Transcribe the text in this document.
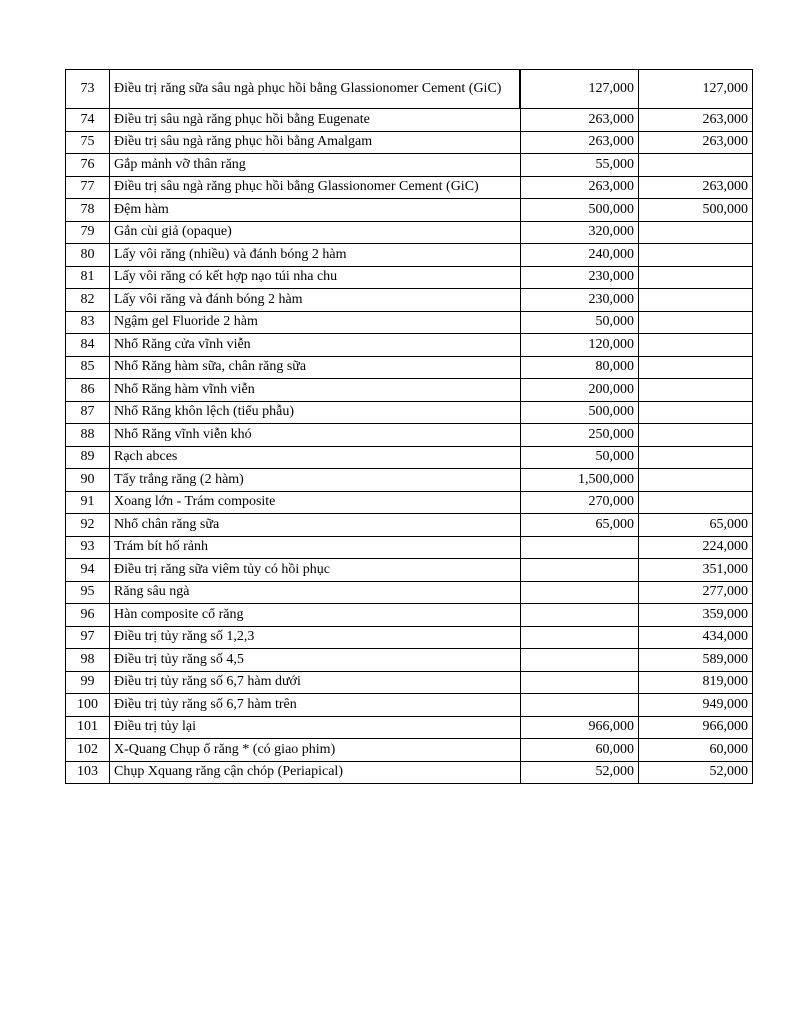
73	Điều trị răng sữa sâu ngà phục hồi bằng Glassionomer Cement (GiC)	127,000	127,000
74	Điều trị sâu ngà răng phục hồi bằng Eugenate	263,000	263,000
75	Điều trị sâu ngà răng phục hồi bằng Amalgam	263,000	263,000
76	Gắp mảnh vỡ thân răng	55,000	
77	Điều trị sâu ngà răng phục hồi bằng Glassionomer Cement (GiC)	263,000	263,000
78	Đệm hàm	500,000	500,000
79	Gắn cùi giả (opaque)	320,000	
80	Lấy vôi răng (nhiều) và đánh bóng 2 hàm	240,000	
81	Lấy vôi răng có kết hợp nạo túi nha chu	230,000	
82	Lấy vôi răng và đánh bóng 2 hàm	230,000	
83	Ngậm gel Fluoride 2 hàm	50,000	
84	Nhổ Răng cửa vĩnh viễn	120,000	
85	Nhổ Răng hàm sữa, chân răng sữa	80,000	
86	Nhổ Răng hàm vĩnh viễn	200,000	
87	Nhổ Răng khôn lệch (tiểu phẫu)	500,000	
88	Nhổ Răng vĩnh viễn khó	250,000	
89	Rạch abces	50,000	
90	Tẩy trắng răng (2 hàm)	1,500,000	
91	Xoang lớn - Trám composite	270,000	
92	Nhổ chân răng sữa	65,000	65,000
93	Trám bít hố rảnh		224,000
94	Điều trị răng sữa viêm tủy có hồi phục		351,000
95	Răng sâu ngà		277,000
96	Hàn composite cổ răng		359,000
97	Điều trị tủy răng số 1,2,3		434,000
98	Điều trị tủy răng số 4,5		589,000
99	Điều trị tủy răng số 6,7 hàm dưới		819,000
100	Điều trị tủy răng số 6,7 hàm trên		949,000
101	Điều trị tủy lại	966,000	966,000
102	X-Quang Chụp ổ răng * (có giao phim)	60,000	60,000
103	Chụp Xquang răng cận chóp (Periapical)	52,000	52,000
